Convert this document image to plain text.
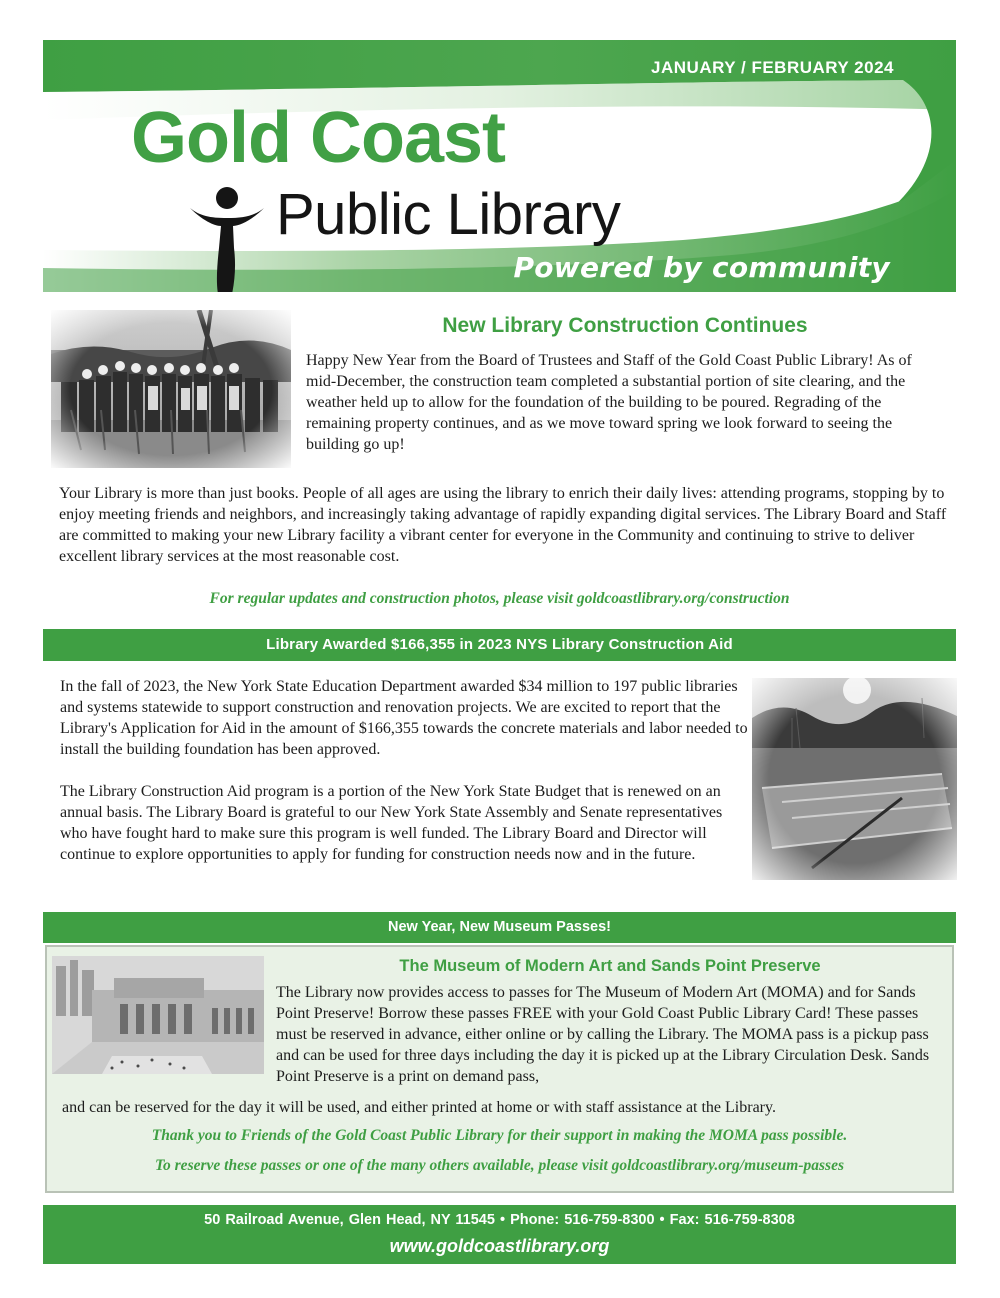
JANUARY / FEBRUARY 2024
Gold Coast
Public Library
Powered by community
New Library Construction Continues

Happy New Year from the Board of Trustees and Staff of the Gold Coast Public Library! As of mid-December, the construction team completed a substantial portion of site clearing, and the weather held up to allow for the foundation of the building to be poured. Regrading of the remaining property continues, and as we move toward spring we look forward to seeing the building go up!

Your Library is more than just books. People of all ages are using the library to enrich their daily lives: attending programs, stopping by to enjoy meeting friends and neighbors, and increasingly taking advantage of rapidly expanding digital services. The Library Board and Staff are committed to making your new Library facility a vibrant center for everyone in the Community and continuing to strive to deliver excellent library services at the most reasonable cost.

For regular updates and construction photos, please visit goldcoastlibrary.org/construction
Library Awarded $166,355 in 2023 NYS Library Construction Aid

In the fall of 2023, the New York State Education Department awarded $34 million to 197 public libraries and systems statewide to support construction and renovation projects. We are excited to report that the Library's Application for Aid in the amount of $166,355 towards the concrete materials and labor needed to install the building foundation has been approved.

The Library Construction Aid program is a portion of the New York State Budget that is renewed on an annual basis. The Library Board is grateful to our New York State Assembly and Senate representatives who have fought hard to make sure this program is well funded. The Library Board and Director will continue to explore opportunities to apply for funding for construction needs now and in the future.

New Year, New Museum Passes!
The Museum of Modern Art and Sands Point Preserve

The Library now provides access to passes for The Museum of Modern Art (MOMA) and for Sands Point Preserve! Borrow these passes FREE with your Gold Coast Public Library Card! These passes must be reserved in advance, either online or by calling the Library. The MOMA pass is a pickup pass and can be used for three days including the day it is picked up at the Library Circulation Desk. Sands Point Preserve is a print on demand pass,

and can be reserved for the day it will be used, and either printed at home or with staff assistance at the Library.

Thank you to Friends of the Gold Coast Public Library for their support in making the MOMA pass possible.
To reserve these passes or one of the many others available, please visit goldcoastlibrary.org/museum-passes
50 Railroad Avenue, Glen Head, NY 11545 • Phone: 516-759-8300 • Fax: 516-759-8308
www.goldcoastlibrary.org
